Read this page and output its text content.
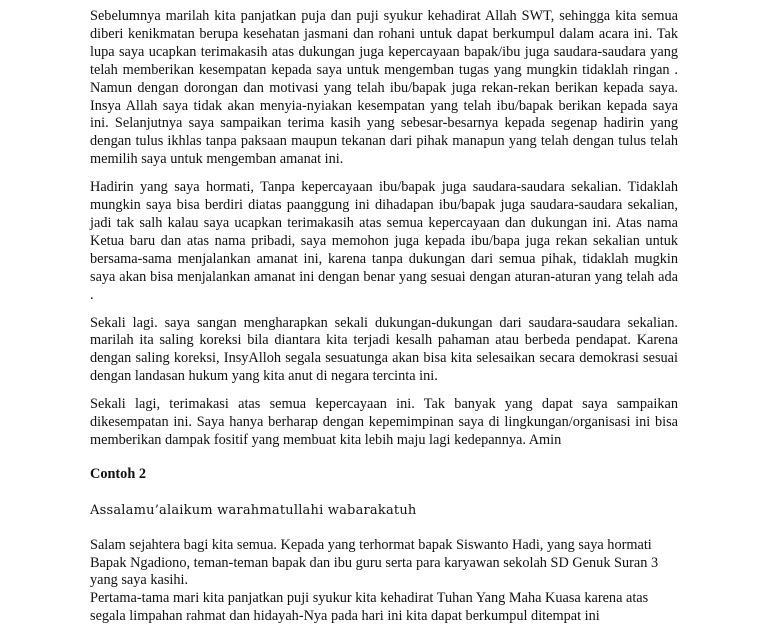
Sebelumnya marilah kita panjatkan puja dan puji syukur kehadirat Allah SWT, sehingga kita semua diberi kenikmatan berupa kesehatan jasmani dan rohani untuk dapat berkumpul dalam acara ini. Tak lupa saya ucapkan terimakasih atas dukungan juga kepercayaan bapak/ibu juga saudara-saudara yang telah memberikan kesempatan kepada saya untuk mengemban tugas yang mungkin tidaklah ringan . Namun dengan dorongan dan motivasi yang telah ibu/bapak juga rekan-rekan berikan kepada saya. Insya Allah saya tidak akan menyia-nyiakan kesempatan yang telah ibu/bapak berikan kepada saya ini. Selanjutnya saya sampaikan terima kasih yang sebesar-besarnya kepada segenap hadirin yang dengan tulus ikhlas tanpa paksaan maupun tekanan dari pihak manapun yang telah dengan tulus telah memilih saya untuk mengemban amanat ini.

Hadirin yang saya hormati, Tanpa kepercayaan ibu/bapak juga saudara-saudara sekalian. Tidaklah mungkin saya bisa berdiri diatas paanggung ini dihadapan ibu/bapak juga saudara-saudara sekalian, jadi tak salh kalau saya ucapkan terimakasih atas semua kepercayaan dan dukungan ini. Atas nama Ketua baru dan atas nama pribadi, saya memohon juga kepada ibu/bapa juga rekan sekalian untuk bersama-sama menjalankan amanat ini, karena tanpa dukungan dari semua pihak, tidaklah mugkin saya akan bisa menjalankan amanat ini dengan benar yang sesuai dengan aturan-aturan yang telah ada .

Sekali lagi. saya sangan mengharapkan sekali dukungan-dukungan dari saudara-saudara sekalian. marilah ita saling koreksi bila diantara kita terjadi kesalh pahaman atau berbeda pendapat. Karena dengan saling koreksi, InsyAlloh segala sesuatunga akan bisa kita selesaikan secara demokrasi sesuai dengan landasan hukum yang kita anut di negara tercinta ini.

Sekali lagi, terimakasi atas semua kepercayaan ini. Tak banyak yang dapat saya sampaikan dikesempatan ini. Saya hanya berharap dengan kepemimpinan saya di lingkungan/organisasi ini bisa memberikan dampak fositif yang membuat kita lebih maju lagi kedepannya. Amin

Contoh 2
Assalamu’alaikum warahmatullahi wabarakatuh

Salam sejahtera bagi kita semua. Kepada yang terhormat bapak Siswanto Hadi, yang saya hormati Bapak Ngadiono, teman-teman bapak dan ibu guru serta para karyawan sekolah SD Genuk Suran 3 yang saya kasihi.

Pertama-tama mari kita panjatkan puji syukur kita kehadirat Tuhan Yang Maha Kuasa karena atas segala limpahan rahmat dan hidayah-Nya pada hari ini kita dapat berkumpul ditempat ini
